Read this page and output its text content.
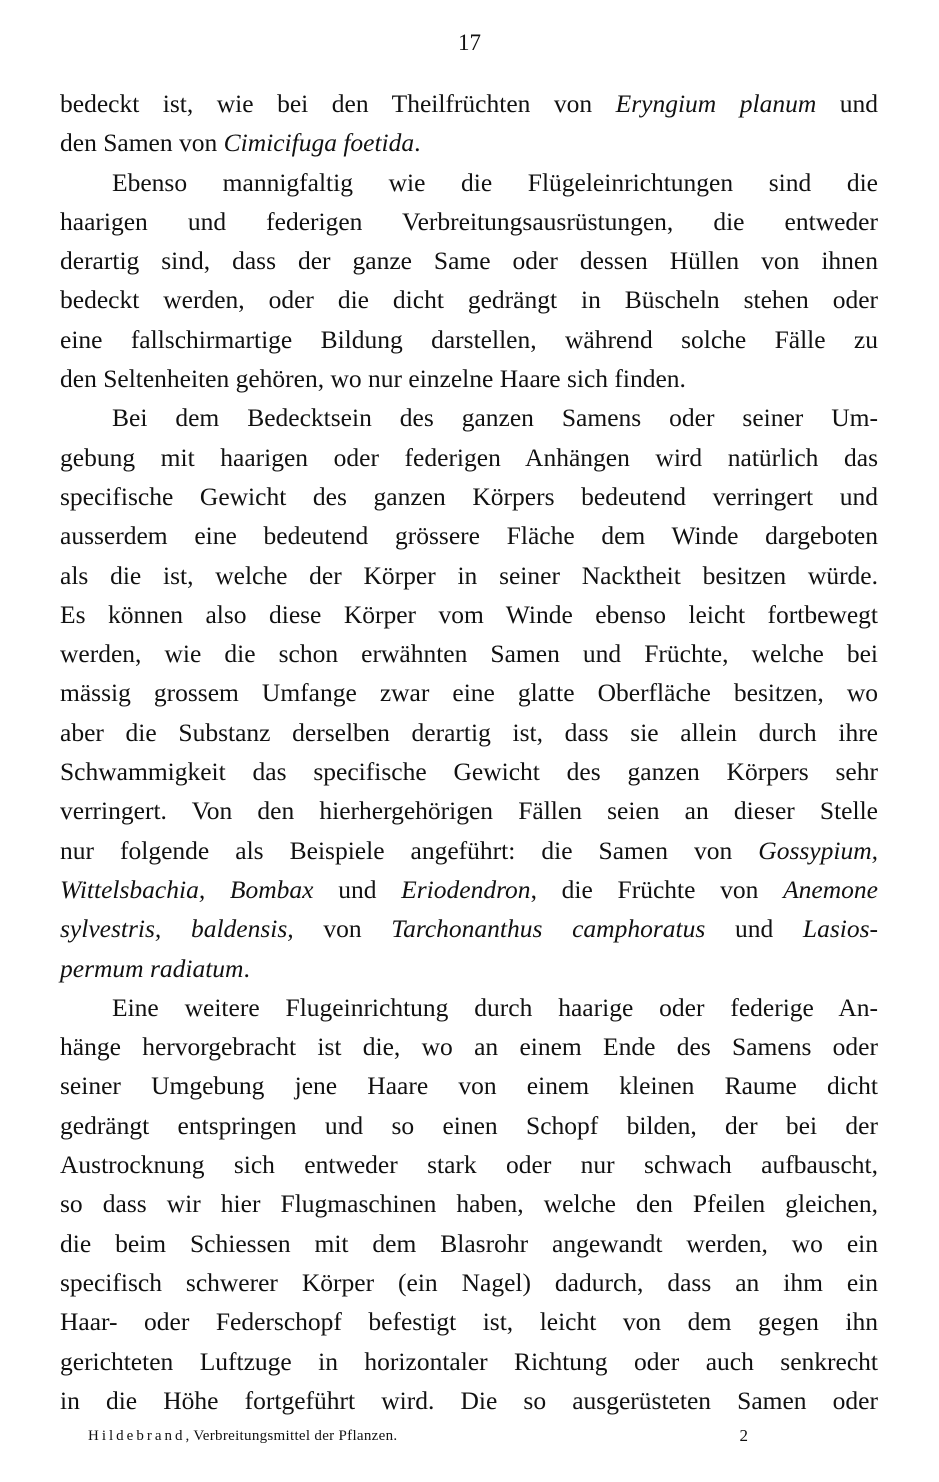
17
bedeckt ist, wie bei den Theilfrüchten von Eryngium planum und
den Samen von Cimicifuga foetida.
Ebenso mannigfaltig wie die Flügeleinrichtungen sind die
haarigen und federigen Verbreitungsausrüstungen, die entweder
derartig sind, dass der ganze Same oder dessen Hüllen von ihnen
bedeckt werden, oder die dicht gedrängt in Büscheln stehen oder
eine fallschirmartige Bildung darstellen, während solche Fälle zu
den Seltenheiten gehören, wo nur einzelne Haare sich finden.
Bei dem Bedecktsein des ganzen Samens oder seiner Um-
gebung mit haarigen oder federigen Anhängen wird natürlich das
specifische Gewicht des ganzen Körpers bedeutend verringert und
ausserdem eine bedeutend grössere Fläche dem Winde dargeboten
als die ist, welche der Körper in seiner Nacktheit besitzen würde.
Es können also diese Körper vom Winde ebenso leicht fortbewegt
werden, wie die schon erwähnten Samen und Früchte, welche bei
mässig grossem Umfange zwar eine glatte Oberfläche besitzen, wo
aber die Substanz derselben derartig ist, dass sie allein durch ihre
Schwammigkeit das specifische Gewicht des ganzen Körpers sehr
verringert. Von den hierhergehörigen Fällen seien an dieser Stelle
nur folgende als Beispiele angeführt: die Samen von Gossypium,
Wittelsbachia, Bombax und Eriodendron, die Früchte von Anemone
sylvestris, baldensis, von Tarchonanthus camphoratus und Lasios-
permum radiatum.
Eine weitere Flugeinrichtung durch haarige oder federige An-
hänge hervorgebracht ist die, wo an einem Ende des Samens oder
seiner Umgebung jene Haare von einem kleinen Raume dicht
gedrängt entspringen und so einen Schopf bilden, der bei der
Austrocknung sich entweder stark oder nur schwach aufbauscht,
so dass wir hier Flugmaschinen haben, welche den Pfeilen gleichen,
die beim Schiessen mit dem Blasrohr angewandt werden, wo ein
specifisch schwerer Körper (ein Nagel) dadurch, dass an ihm ein
Haar- oder Federschopf befestigt ist, leicht von dem gegen ihn
gerichteten Luftzuge in horizontaler Richtung oder auch senkrecht
in die Höhe fortgeführt wird. Die so ausgerüsteten Samen oder
Hildebrand, Verbreitungsmittel der Pflanzen.	2
